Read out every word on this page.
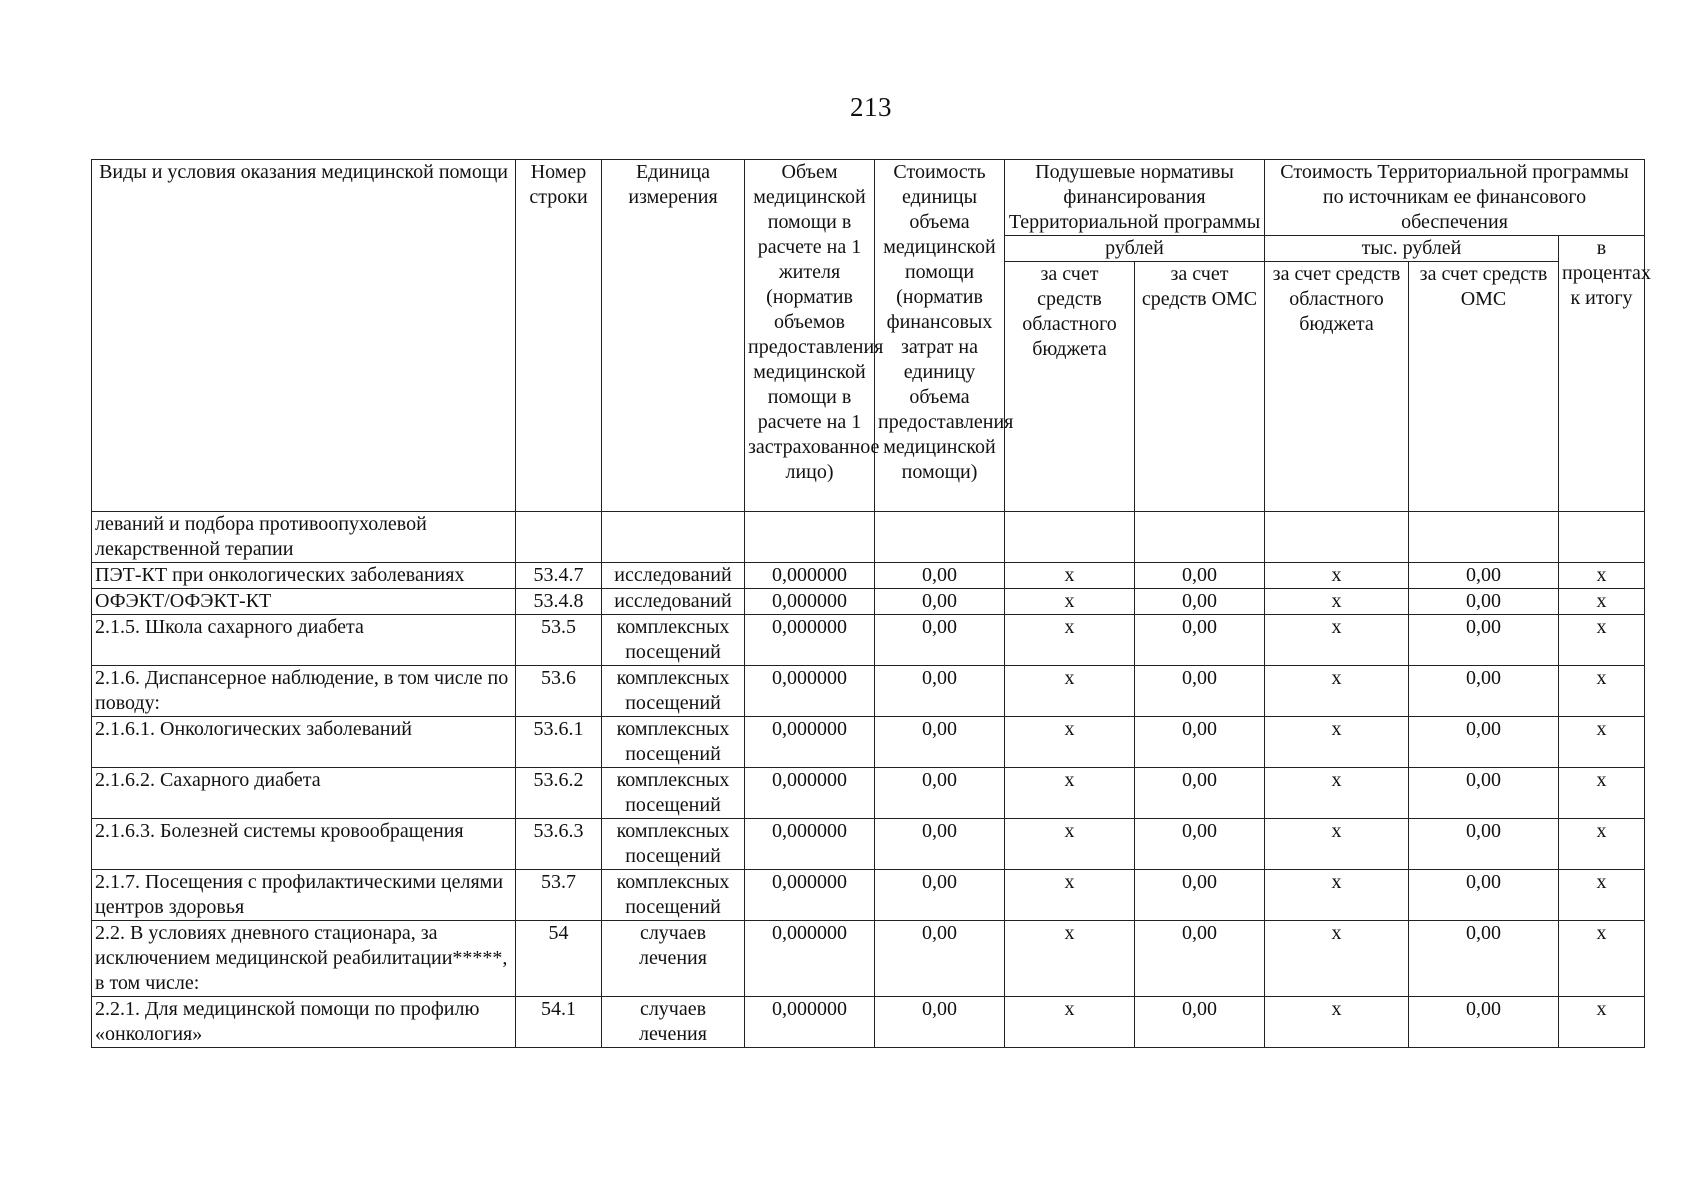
213
Виды и условия оказания медицинской помощи	Номер строки	Единица измерения	Объем медицинской помощи в расчете на 1 жителя (норматив объемов предоставления медицинской помощи в расчете на 1 застрахованное лицо)	Стоимость единицы объема медицинской помощи (норматив финансовых затрат на единицу объема предоставления медицинской помощи)	Подушевые нормативы финансирования Территориальной программы		Стоимость Территориальной программы по источникам ее финансового обеспечения		
					рублей		тыс. рублей		в процентах к итогу
					за счет средств областного бюджета	за счет средств ОМС	за счет средств областного бюджета	за счет средств ОМС	
леваний и подбора противоопухолевой лекарственной терапии									
ПЭТ-КТ при онкологических заболеваниях	53.4.7	исследований	0,000000	0,00	х	0,00	х	0,00	х
ОФЭКТ/ОФЭКТ-КТ	53.4.8	исследований	0,000000	0,00	х	0,00	х	0,00	х
2.1.5. Школа сахарного диабета	53.5	комплексных посещений	0,000000	0,00	х	0,00	х	0,00	х
2.1.6. Диспансерное наблюдение, в том числе по поводу:	53.6	комплексных посещений	0,000000	0,00	х	0,00	х	0,00	х
2.1.6.1. Онкологических заболеваний	53.6.1	комплексных посещений	0,000000	0,00	х	0,00	х	0,00	х
2.1.6.2. Сахарного диабета	53.6.2	комплексных посещений	0,000000	0,00	х	0,00	х	0,00	х
2.1.6.3. Болезней системы кровообращения	53.6.3	комплексных посещений	0,000000	0,00	х	0,00	х	0,00	х
2.1.7. Посещения с профилактическими целями центров здоровья	53.7	комплексных посещений	0,000000	0,00	х	0,00	х	0,00	х
2.2. В условиях дневного стационара, за исключением медицинской реабилитации*****, в том числе:	54	случаев лечения	0,000000	0,00	х	0,00	х	0,00	х
2.2.1. Для медицинской помощи по профилю «онкология»	54.1	случаев лечения	0,000000	0,00	х	0,00	х	0,00	х
